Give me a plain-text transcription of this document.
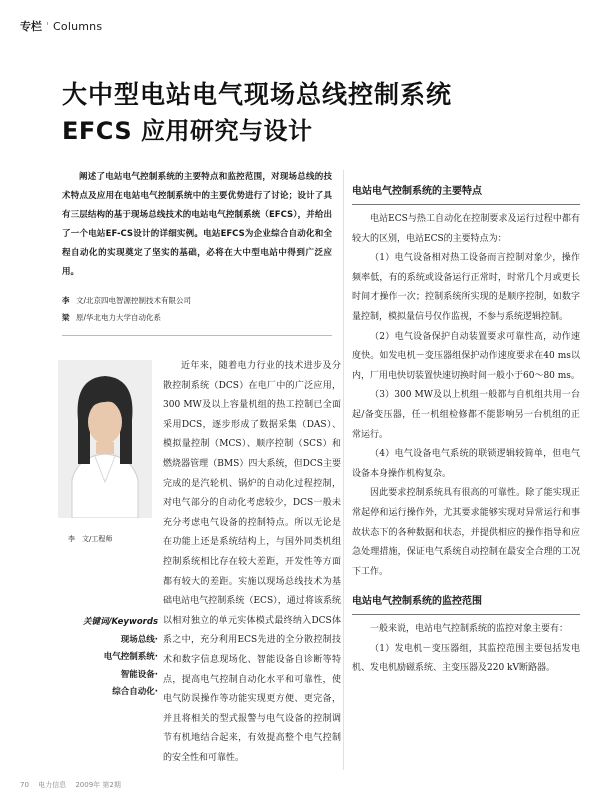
专栏 ' Columns
大中型电站电气现场总线控制系统
EFCS 应用研究与设计
阐述了电站电气控制系统的主要特点和监控范围，对现场总线的技术特点及应用在电站电气控制系统中的主要优势进行了讨论；设计了具有三层结构的基于现场总线技术的电站电气控制系统（EFCS），并给出了一个电站EF-CS设计的详细实例。电站EFCS为企业综合自动化和全程自动化的实现奠定了坚实的基础，必将在大中型电站中得到广泛应用。
李 文/北京四电智源控制技术有限公司
梁 原/华北电力大学自动化系
李　文/工程师
关键词/Keywords
现场总线·
电气控制系统·
智能设备·
综合自动化·
近年来，随着电力行业的技术进步及分散控制系统（DCS）在电厂中的广泛应用，300 MW及以上容量机组的热工控制已全面采用DCS，逐步形成了数据采集（DAS）、模拟量控制（MCS）、顺序控制（SCS）和燃烧器管理（BMS）四大系统，但DCS主要完成的是汽轮机、锅炉的自动化过程控制，对电气部分的自动化考虑较少，DCS一般未充分考虑电气设备的控制特点。所以无论是在功能上还是系统结构上，与国外同类机组控制系统相比存在较大差距，开发性等方面都有较大的差距。实施以现场总线技术为基础电站电气控制系统（ECS），通过将该系统以相对独立的单元实体模式最终纳入DCS体系之中，充分利用ECS先进的全分散控制技术和数字信息现场化、智能设备自诊断等特点，提高电气控制自动化水平和可靠性，使电气防误操作等功能实现更方便、更完备，并且将相关的型式报警与电气设备的控制调节有机地结合起来，有效提高整个电气控制的安全性和可靠性。
电站电气控制系统的主要特点

电站ECS与热工自动化在控制要求及运行过程中都有较大的区别，电站ECS的主要特点为：

（1）电气设备相对热工设备而言控制对象少，操作频率低，有的系统或设备运行正常时，时常几个月或更长时间才操作一次；控制系统所实现的是顺序控制，如数字量控制，模拟量信号仅作监视，不参与系统逻辑控制。

（2）电气设备保护自动装置要求可靠性高，动作速度快。如发电机－变压器组保护动作速度要求在40 ms以内，厂用电快切装置快速切换时间一般小于60～80 ms。

（3）300 MW及以上机组一般都与自机组共用一台起/备变压器，任一机组检修都不能影响另一台机组的正常运行。

（4）电气设备电气系统的联锁逻辑较简单，但电气设备本身操作机构复杂。

因此要求控制系统具有很高的可靠性。除了能实现正常起停和运行操作外，尤其要求能够实现对异常运行和事故状态下的各种数据和状态，并提供相应的操作指导和应急处理措施，保证电气系统自动控制在最安全合理的工况下工作。

电站电气控制系统的监控范围

一般来说，电站电气控制系统的监控对象主要有：

（1）发电机－变压器组，其监控范围主要包括发电机、发电机励磁系统、主变压器及220 kV断路器。

70 　电力信息 　2009年 第2期
